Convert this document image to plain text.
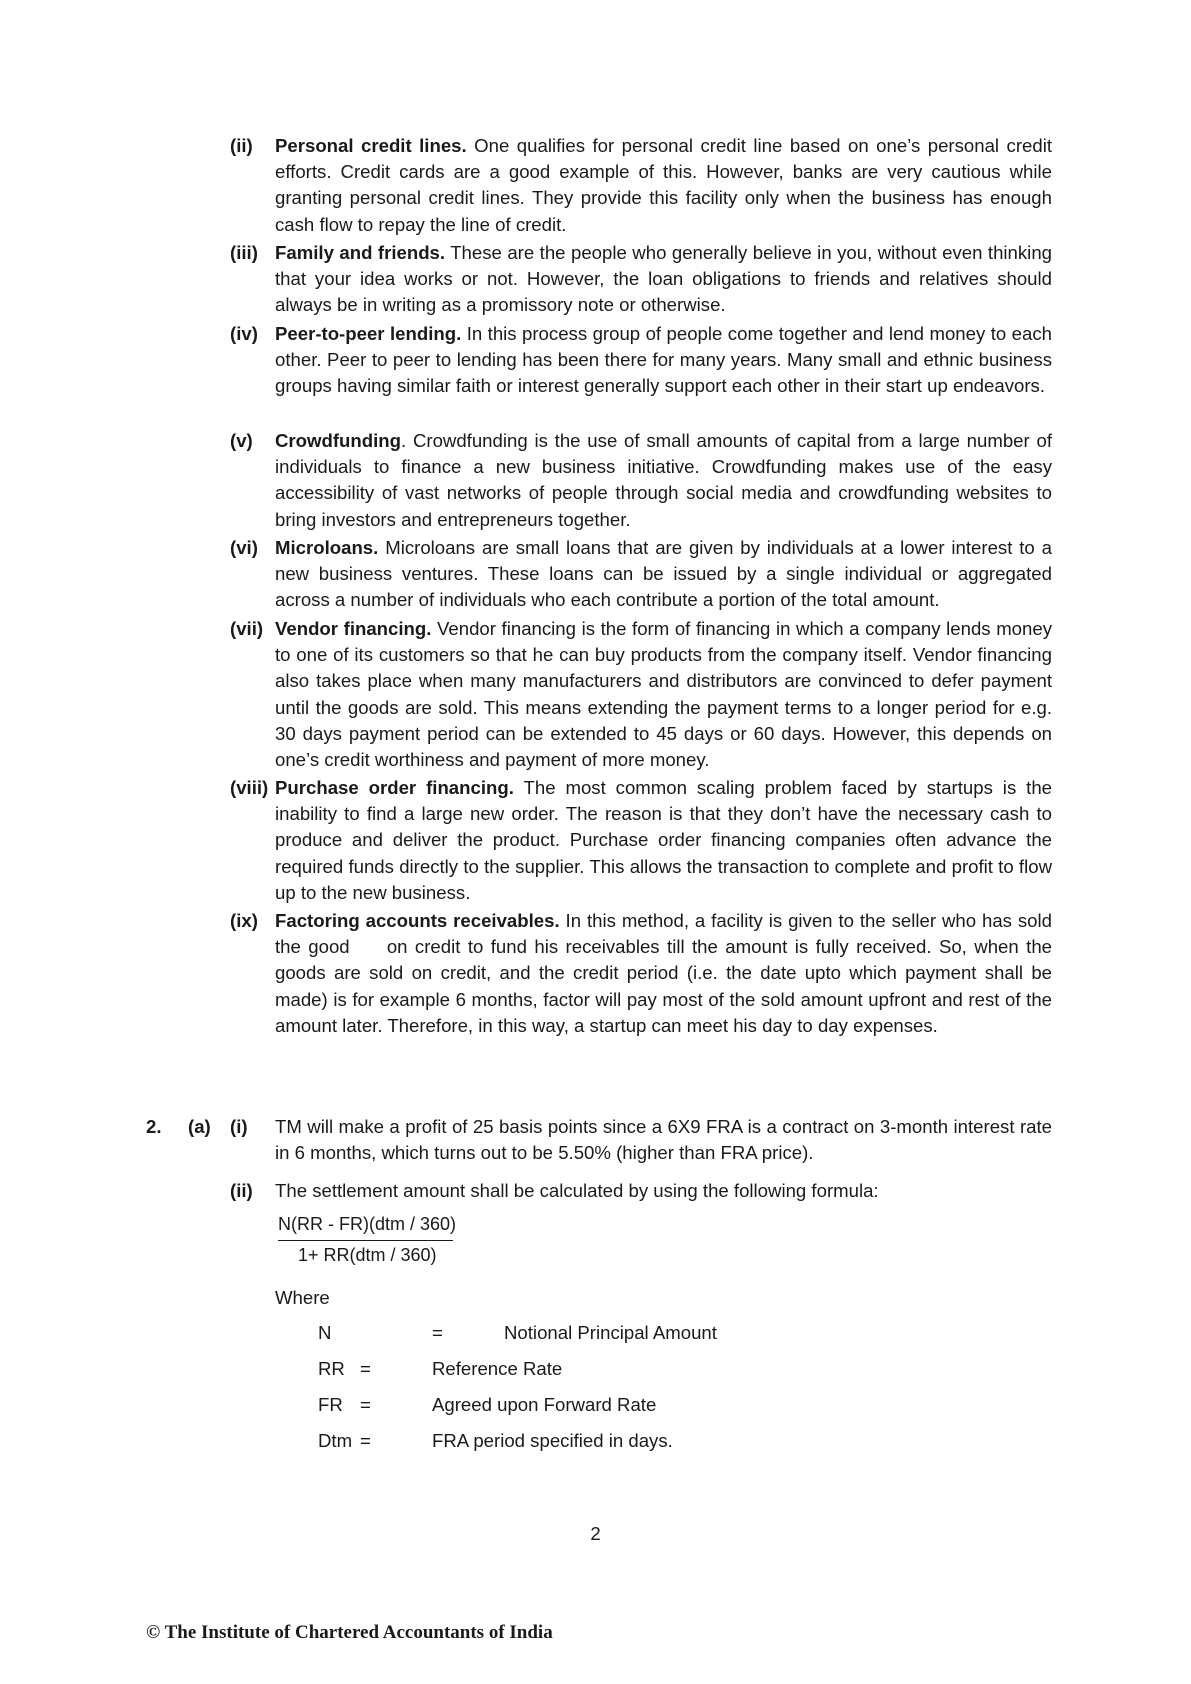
(ii) Personal credit lines. One qualifies for personal credit line based on one’s personal credit efforts. Credit cards are a good example of this. However, banks are very cautious while granting personal credit lines. They provide this facility only when the business has enough cash flow to repay the line of credit.
(iii) Family and friends. These are the people who generally believe in you, without even thinking that your idea works or not. However, the loan obligations to friends and relatives should always be in writing as a promissory note or otherwise.
(iv) Peer-to-peer lending. In this process group of people come together and lend money to each other. Peer to peer to lending has been there for many years. Many small and ethnic business groups having similar faith or interest generally support each other in their start up endeavors.
(v) Crowdfunding. Crowdfunding is the use of small amounts of capital from a large number of individuals to finance a new business initiative. Crowdfunding makes use of the easy accessibility of vast networks of people through social media and crowdfunding websites to bring investors and entrepreneurs together.
(vi) Microloans. Microloans are small loans that are given by individuals at a lower interest to a new business ventures. These loans can be issued by a single individual or aggregated across a number of individuals who each contribute a portion of the total amount.
(vii) Vendor financing. Vendor financing is the form of financing in which a company lends money to one of its customers so that he can buy products from the company itself. Vendor financing also takes place when many manufacturers and distributors are convinced to defer payment until the goods are sold. This means extending the payment terms to a longer period for e.g. 30 days payment period can be extended to 45 days or 60 days. However, this depends on one’s credit worthiness and payment of more money.
(viii) Purchase order financing. The most common scaling problem faced by startups is the inability to find a large new order. The reason is that they don’t have the necessary cash to produce and deliver the product. Purchase order financing companies often advance the required funds directly to the supplier. This allows the transaction to complete and profit to flow up to the new business.
(ix) Factoring accounts receivables. In this method, a facility is given to the seller who has sold the good  on credit to fund his receivables till the amount is fully received. So, when the goods are sold on credit, and the credit period (i.e. the date upto which payment shall be made) is for example 6 months, factor will pay most of the sold amount upfront and rest of the amount later. Therefore, in this way, a startup can meet his day to day expenses.
2. (a) (i) TM will make a profit of 25 basis points since a 6X9 FRA is a contract on 3-month interest rate in 6 months, which turns out to be 5.50% (higher than FRA price).
(ii) The settlement amount shall be calculated by using the following formula:
N(RR - FR)(dtm / 360)
1+ RR(dtm / 360)
Where
N	=	Notional Principal Amount
RR =	Reference Rate
FR =	Agreed upon Forward Rate
Dtm =	FRA period specified in days.
2
© The Institute of Chartered Accountants of India
